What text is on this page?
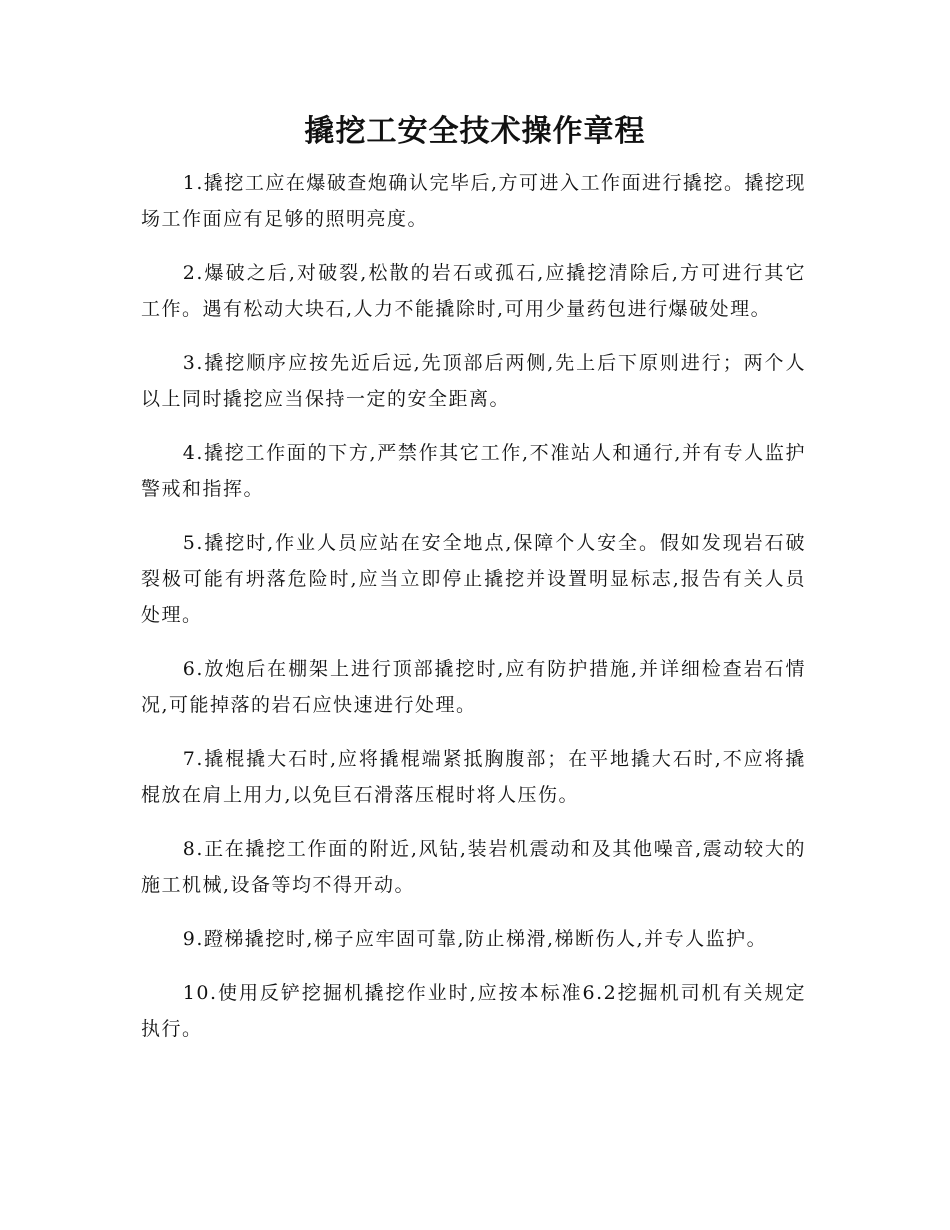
撬挖工安全技术操作章程

1.撬挖工应在爆破查炮确认完毕后,方可进入工作面进行撬挖。撬挖现场工作面应有足够的照明亮度。

2.爆破之后,对破裂,松散的岩石或孤石,应撬挖清除后,方可进行其它工作。遇有松动大块石,人力不能撬除时,可用少量药包进行爆破处理。

3.撬挖顺序应按先近后远,先顶部后两侧,先上后下原则进行；两个人以上同时撬挖应当保持一定的安全距离。

4.撬挖工作面的下方,严禁作其它工作,不准站人和通行,并有专人监护警戒和指挥。

5.撬挖时,作业人员应站在安全地点,保障个人安全。假如发现岩石破裂极可能有坍落危险时,应当立即停止撬挖并设置明显标志,报告有关人员处理。

6.放炮后在棚架上进行顶部撬挖时,应有防护措施,并详细检查岩石情况,可能掉落的岩石应快速进行处理。

7.撬棍撬大石时,应将撬棍端紧抵胸腹部；在平地撬大石时,不应将撬棍放在肩上用力,以免巨石滑落压棍时将人压伤。

8.正在撬挖工作面的附近,风钻,装岩机震动和及其他噪音,震动较大的施工机械,设备等均不得开动。

9.蹬梯撬挖时,梯子应牢固可靠,防止梯滑,梯断伤人,并专人监护。

10.使用反铲挖掘机撬挖作业时,应按本标准6.2挖掘机司机有关规定执行。
